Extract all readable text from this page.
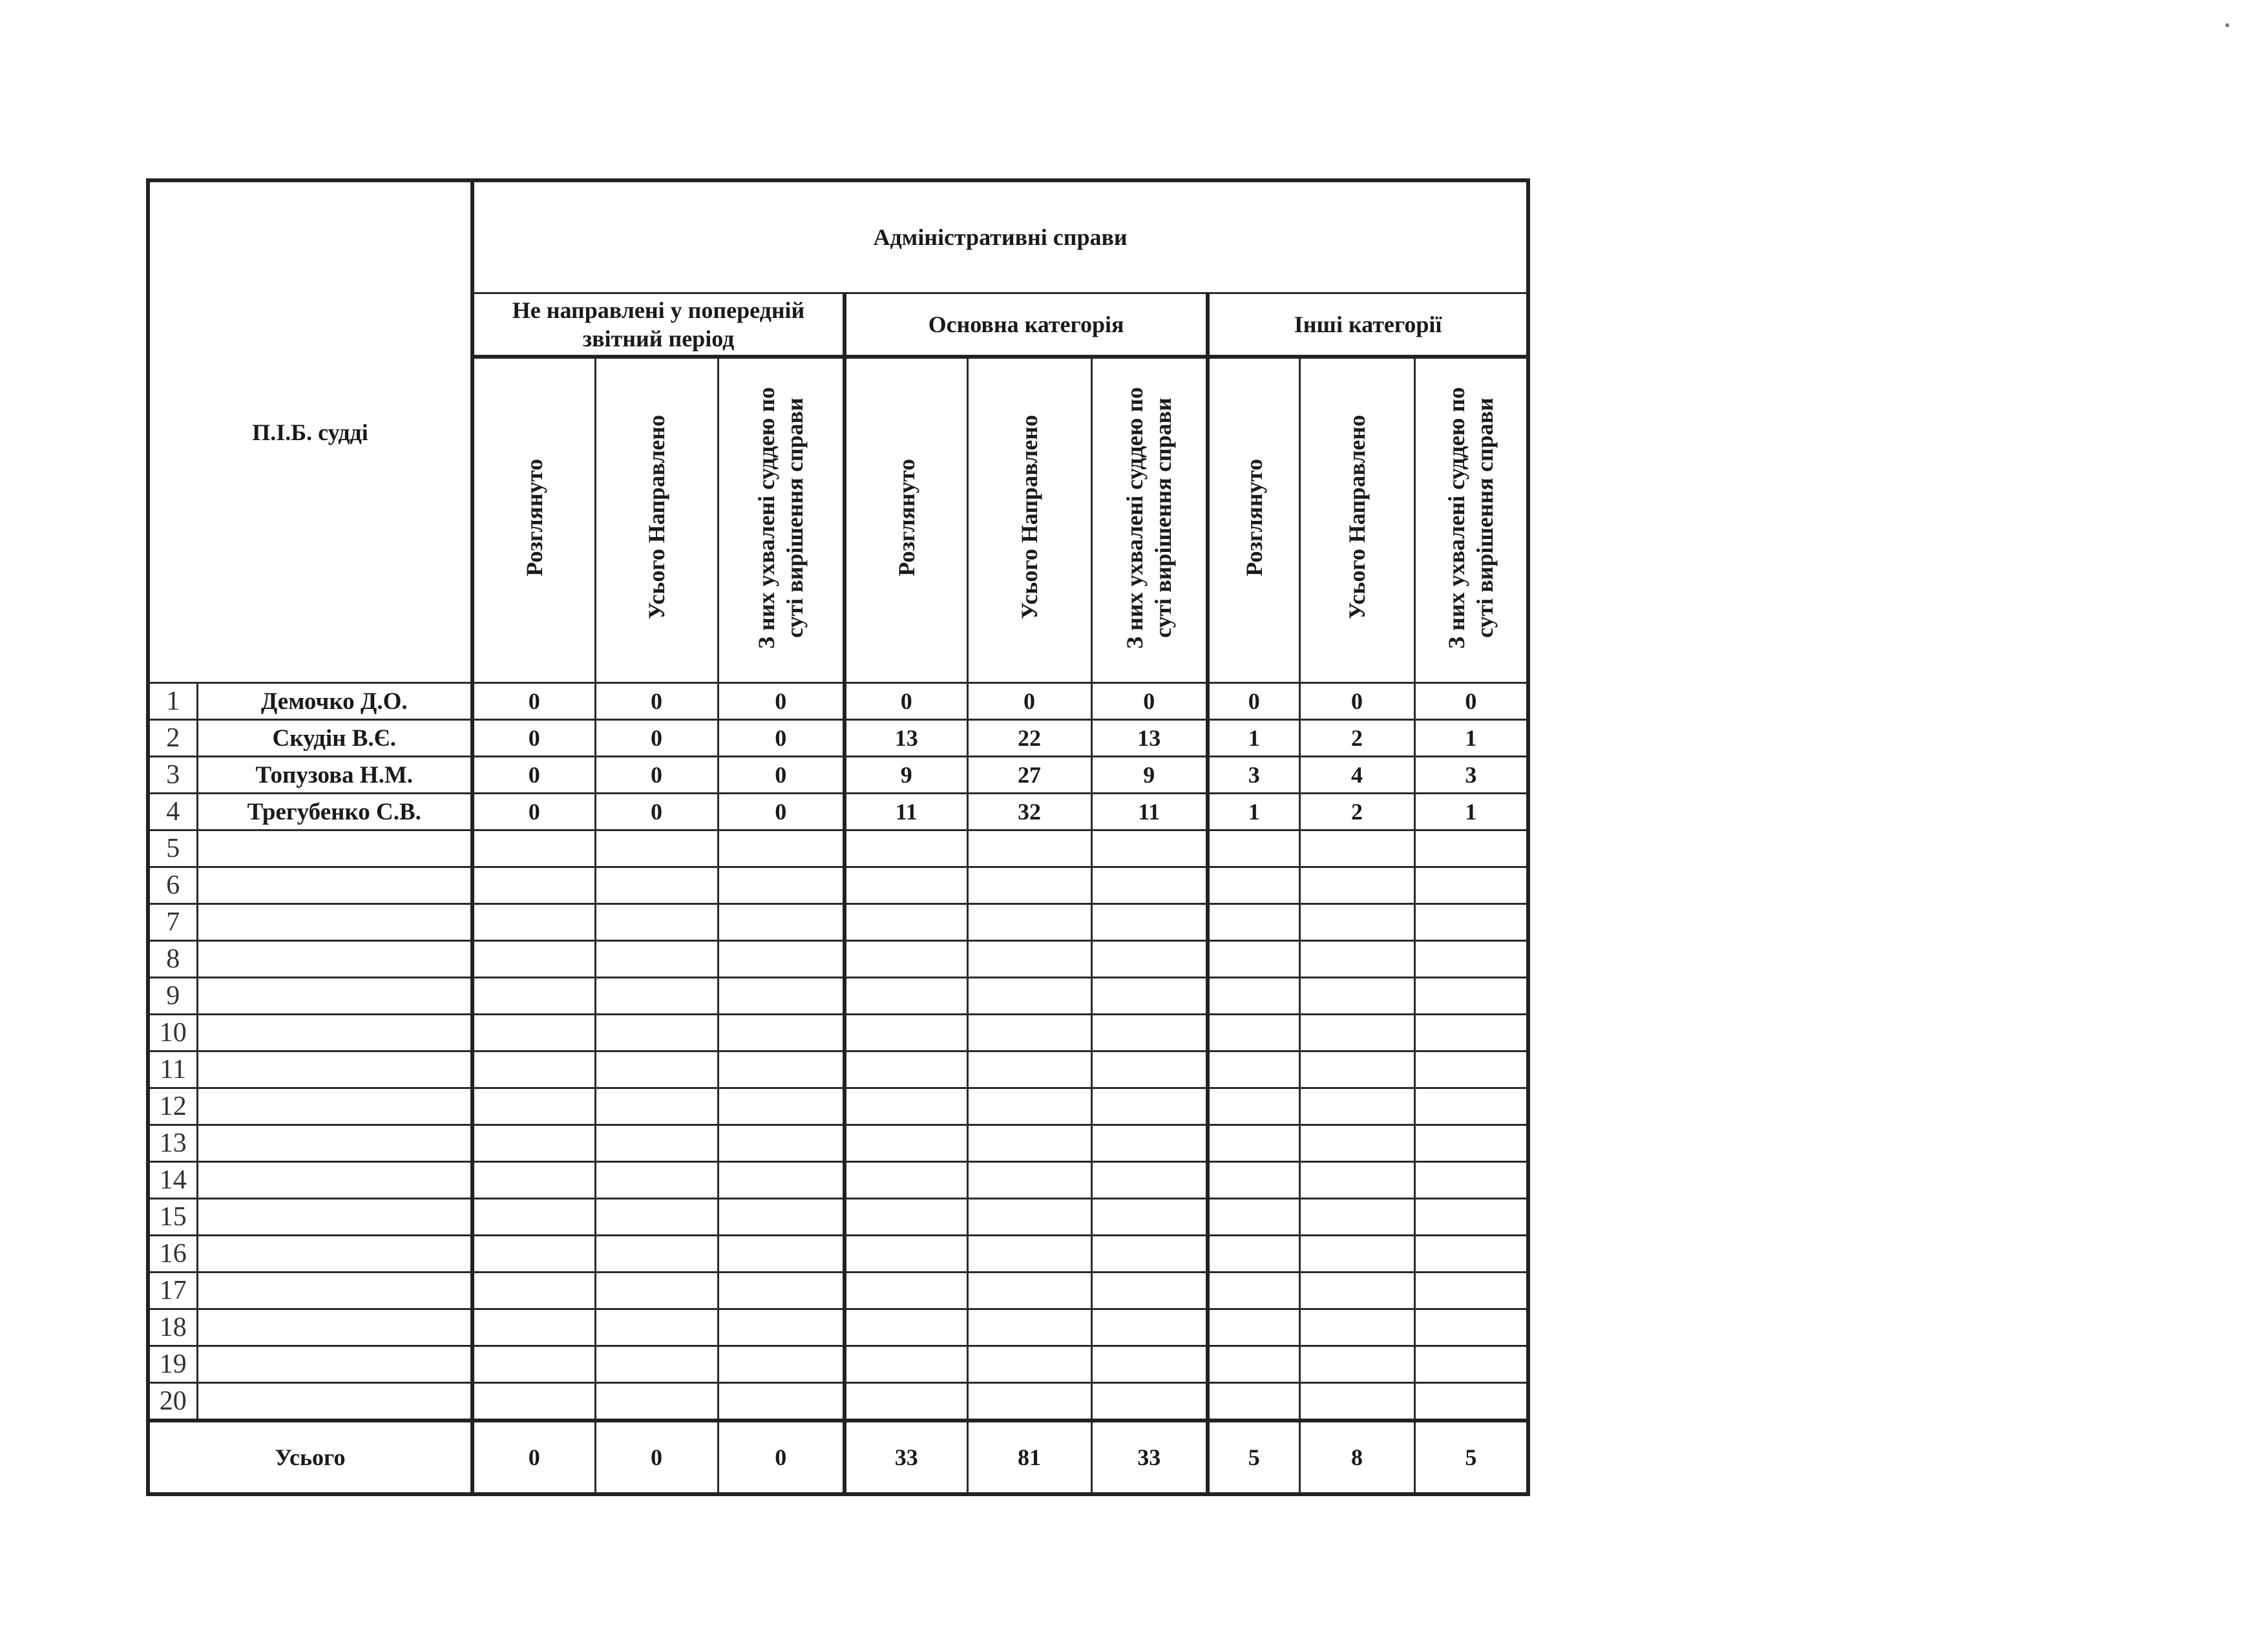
П.І.Б. судді		Адміністративні справи								
		Не направлені у попередній звітний період			Основна категорія			Інші категорії		
		Розглянуто	Усього Направлено	З них ухвалені суддею по суті вирішення справи	Розглянуто	Усього Направлено	З них ухвалені суддею по суті вирішення справи	Розглянуто	Усього Направлено	З них ухвалені суддею по суті вирішення справи
1	Демочко Д.О.	0	0	0	0	0	0	0	0	0
2	Скудін В.Є.	0	0	0	13	22	13	1	2	1
3	Топузова Н.М.	0	0	0	9	27	9	3	4	3
4	Трегубенко С.В.	0	0	0	11	32	11	1	2	1
5										
6										
7										
8										
9										
10										
11										
12										
13										
14										
15										
16										
17										
18										
19										
20										
Усього		0	0	0	33	81	33	5	8	5
